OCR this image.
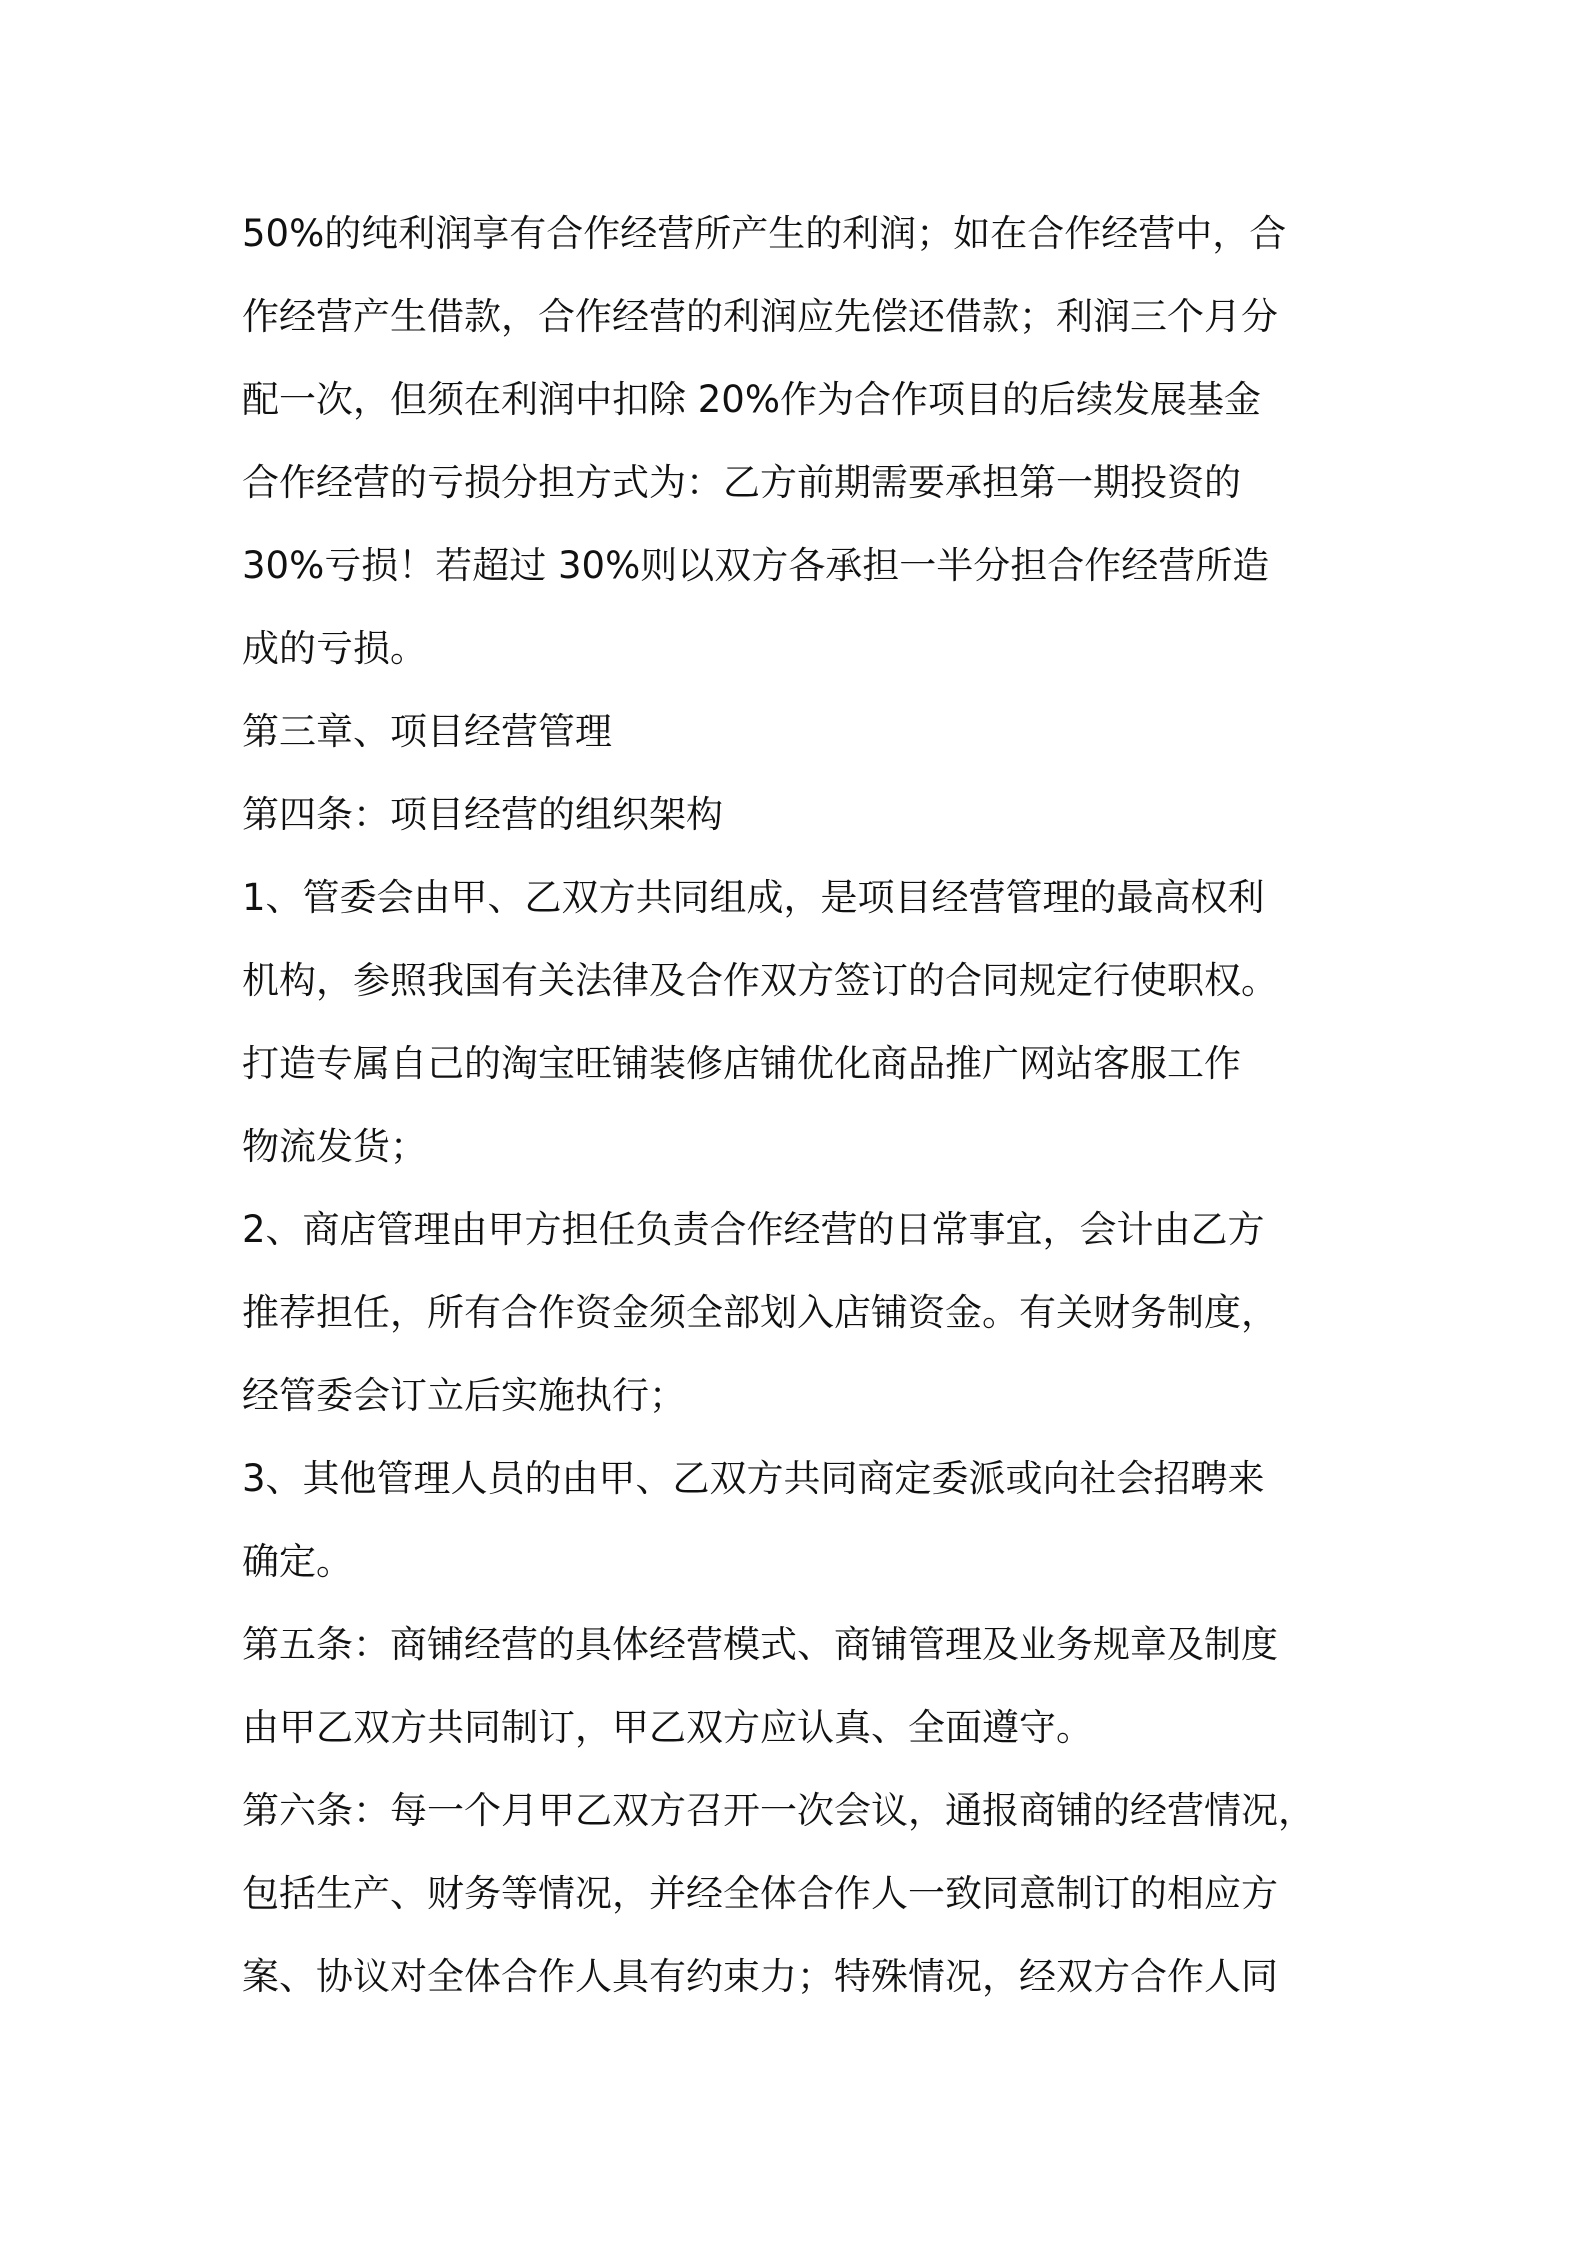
50%的纯利润享有合作经营所产生的利润；如在合作经营中，合
作经营产生借款，合作经营的利润应先偿还借款；利润三个月分
配一次，但须在利润中扣除 20%作为合作项目的后续发展基金
合作经营的亏损分担方式为：乙方前期需要承担第一期投资的
30%亏损！若超过 30%则以双方各承担一半分担合作经营所造
成的亏损。
第三章、项目经营管理
第四条：项目经营的组织架构
1、管委会由甲、乙双方共同组成，是项目经营管理的最高权利
机构，参照我国有关法律及合作双方签订的合同规定行使职权。
打造专属自己的淘宝旺铺装修店铺优化商品推广网站客服工作
物流发货；
2、商店管理由甲方担任负责合作经营的日常事宜，会计由乙方
推荐担任，所有合作资金须全部划入店铺资金。有关财务制度，
经管委会订立后实施执行；
3、其他管理人员的由甲、乙双方共同商定委派或向社会招聘来
确定。
第五条：商铺经营的具体经营模式、商铺管理及业务规章及制度
由甲乙双方共同制订，甲乙双方应认真、全面遵守。
第六条：每一个月甲乙双方召开一次会议，通报商铺的经营情况，
包括生产、财务等情况，并经全体合作人一致同意制订的相应方
案、协议对全体合作人具有约束力；特殊情况，经双方合作人同
